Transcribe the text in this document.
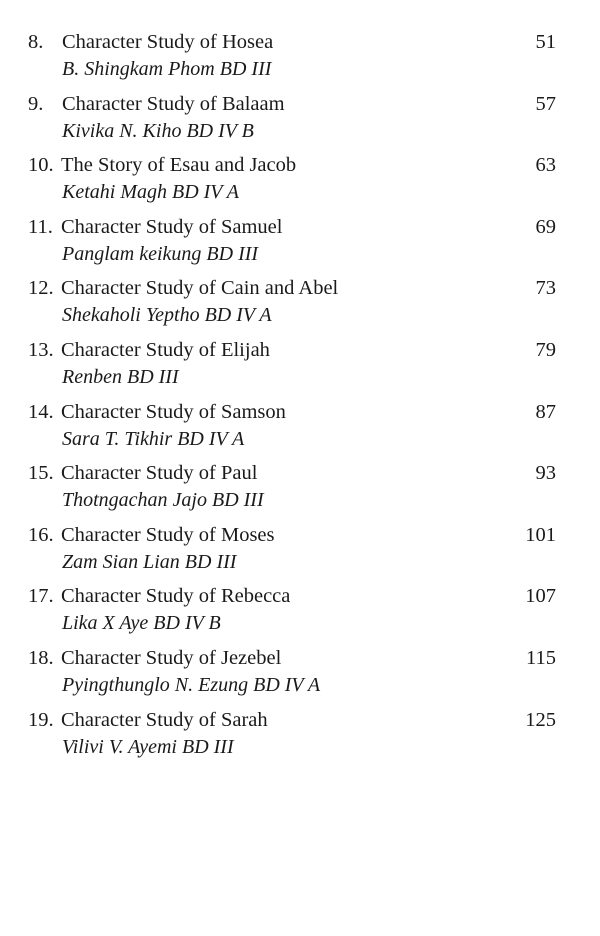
8. Character Study of Hosea	51
B. Shingkam Phom BD III
9. Character Study of Balaam	57
Kivika N. Kiho BD IV B
10. The Story of Esau and Jacob	63
Ketahi Magh BD IV A
11. Character Study of Samuel	69
Panglam keikung BD III
12. Character Study of Cain and Abel	73
Shekaholi Yeptho BD IV A
13. Character Study of Elijah	79
Renben BD III
14. Character Study of Samson	87
Sara T. Tikhir BD IV A
15. Character Study of Paul	93
Thotngachan Jajo BD III
16. Character Study of Moses	101
Zam Sian Lian BD III
17. Character Study of Rebecca	107
Lika X Aye BD IV B
18. Character Study of Jezebel	115
Pyingthunglo N. Ezung BD IV A
19. Character Study of Sarah	125
Vilivi V. Ayemi BD III
